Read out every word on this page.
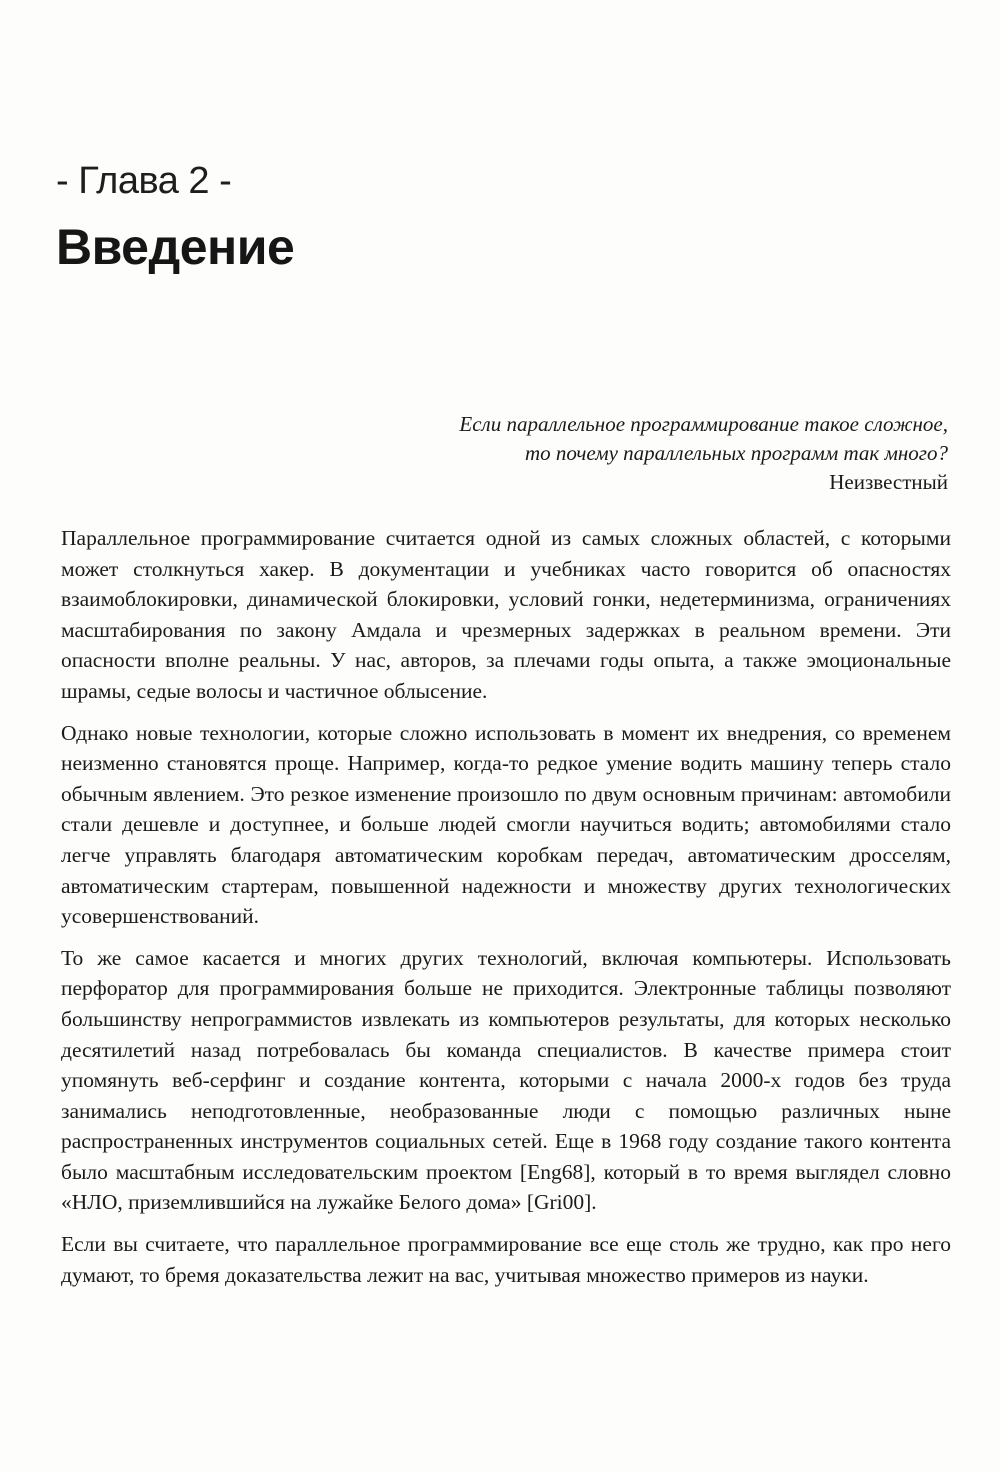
- Глава 2 -
Введение
Если параллельное программирование такое сложное,
то почему параллельных программ так много?
Неизвестный

Параллельное программирование считается одной из самых сложных областей, с которыми может столкнуться хакер. В документации и учебниках часто говорится об опасностях взаимоблокировки, динамической блокировки, условий гонки, недетерминизма, ограничениях масштабирования по закону Амдала и чрезмерных задержках в реальном времени. Эти опасности вполне реальны. У нас, авторов, за плечами годы опыта, а также эмоциональные шрамы, седые волосы и частичное облысение.

Однако новые технологии, которые сложно использовать в момент их внедрения, со временем неизменно становятся проще. Например, когда-то редкое умение водить машину теперь стало обычным явлением. Это резкое изменение произошло по двум основным причинам: автомобили стали дешевле и доступнее, и больше людей смогли научиться водить; автомобилями стало легче управлять благодаря автоматическим коробкам передач, автоматическим дросселям, автоматическим стартерам, повышенной надежности и множеству других технологических усовершенствований.

То же самое касается и многих других технологий, включая компьютеры. Использовать перфоратор для программирования больше не приходится. Электронные таблицы позволяют большинству непрограммистов извлекать из компьютеров результаты, для которых несколько десятилетий назад потребовалась бы команда специалистов. В качестве примера стоит упомянуть веб-серфинг и создание контента, которыми с начала 2000-х годов без труда занимались неподготовленные, необразованные люди с помощью различных ныне распространенных инструментов социальных сетей. Еще в 1968 году создание такого контента было масштабным исследовательским проектом [Eng68], который в то время выглядел словно «НЛО, приземлившийся на лужайке Белого дома» [Gri00].

Если вы считаете, что параллельное программирование все еще столь же трудно, как про него думают, то бремя доказательства лежит на вас, учитывая множество примеров из науки.
